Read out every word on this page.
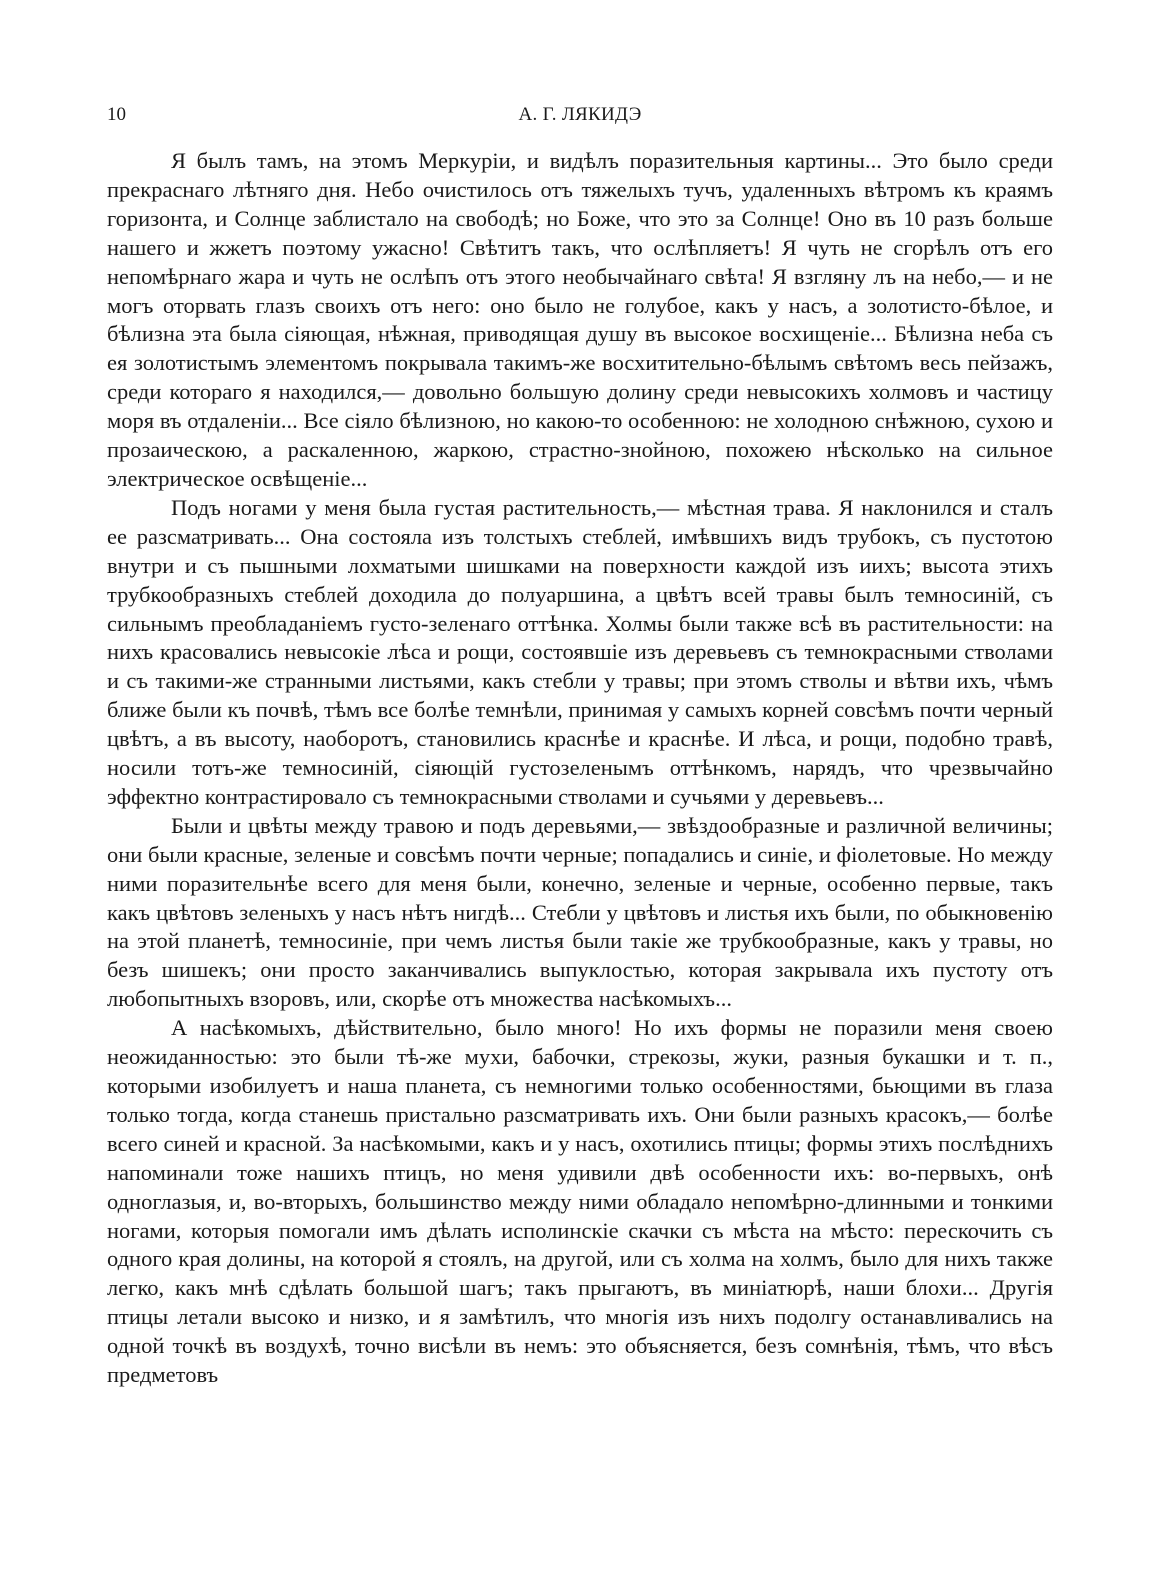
10	А. Г. ЛЯКИДЭ

Я былъ тамъ, на этомъ Меркуріи, и видѣлъ поразительныя картины... Это было среди прекраснаго лѣтняго дня. Небо очистилось отъ тяжелыхъ тучъ, удаленныхъ вѣтромъ къ краямъ горизонта, и Солнце заблистало на свободѣ; но Боже, что это за Солнце! Оно въ 10 разъ больше нашего и жжетъ поэтому ужасно! Свѣтитъ такъ, что ослѣпляетъ! Я чуть не сгорѣлъ отъ его непомѣрнаго жара и чуть не ослѣпъ отъ этого необычайнаго свѣта! Я взгляну лъ на небо,— и не могъ оторвать глазъ своихъ отъ него: оно было не голубое, какъ у насъ, а золотисто-бѣлое, и бѣлизна эта была сіяющая, нѣжная, приводящая душу въ высокое восхищеніе... Бѣлизна неба съ ея золотистымъ элементомъ покрывала такимъ-же восхитительно-бѣлымъ свѣтомъ весь пейзажъ, среди котораго я находился,— довольно большую долину среди невысокихъ холмовъ и частицу моря въ отдаленіи... Все сіяло бѣлизною, но какою-то особенною: не холодною снѣжною, сухою и прозаическою, а раскаленною, жаркою, страстно-знойною, похожею нѣсколько на сильное электрическое освѣщеніе...

Подъ ногами у меня была густая растительность,— мѣстная трава. Я наклонился и сталъ ее разсматривать... Она состояла изъ толстыхъ стеблей, имѣвшихъ видъ трубокъ, съ пустотою внутри и съ пышными лохматыми шишками на поверхности каждой изъ иихъ; высота этихъ трубкообразныхъ стеблей доходила до полуаршина, а цвѣтъ всей травы былъ темносиній, съ сильнымъ преобладаніемъ густо-зеленаго оттѣнка. Холмы были также всѣ въ растительности: на нихъ красовались невысокіе лѣса и рощи, состоявшіе изъ деревьевъ съ темнокрасными стволами и съ такими-же странными листьями, какъ стебли у травы; при этомъ стволы и вѣтви ихъ, чѣмъ ближе были къ почвѣ, тѣмъ все болѣе темнѣли, принимая у самыхъ корней совсѣмъ почти черный цвѣтъ, а въ высоту, наоборотъ, становились краснѣе и краснѣе. И лѣса, и рощи, подобно травѣ, носили тотъ-же темносиній, сіяющій густозеленымъ оттѣнкомъ, нарядъ, что чрезвычайно эффектно контрастировало съ темнокрасными стволами и сучьями у деревьевъ...

Были и цвѣты между травою и подъ деревьями,— звѣздообразные и различной величины; они были красные, зеленые и совсѣмъ почти черные; попадались и синіе, и фіолетовые. Но между ними поразительнѣе всего для меня были, конечно, зеленые и черные, особенно первые, такъ какъ цвѣтовъ зеленыхъ у насъ нѣтъ нигдѣ... Стебли у цвѣтовъ и листья ихъ были, по обыкновенію на этой планетѣ, темносиніе, при чемъ листья были такіе же трубкообразные, какъ у травы, но безъ шишекъ; они просто заканчивались выпуклостью, которая закрывала ихъ пустоту отъ любопытныхъ взоровъ, или, скорѣе отъ множества насѣкомыхъ...

А насѣкомыхъ, дѣйствительно, было много! Но ихъ формы не поразили меня своею неожиданностью: это были тѣ-же мухи, бабочки, стрекозы, жуки, разныя букашки и т. п., которыми изобилуетъ и наша планета, съ немногими только особенностями, бьющими въ глаза только тогда, когда станешь пристально разсматривать ихъ. Они были разныхъ красокъ,— болѣе всего синей и красной. За насѣкомыми, какъ и у насъ, охотились птицы; формы этихъ послѣднихъ напоминали тоже нашихъ птицъ, но меня удивили двѣ особенности ихъ: во-первыхъ, онѣ одноглазыя, и, во-вторыхъ, большинство между ними обладало непомѣрно-длинными и тонкими ногами, которыя помогали имъ дѣлать исполинскіе скачки съ мѣста на мѣсто: перескочить съ одного края долины, на которой я стоялъ, на другой, или съ холма на холмъ, было для нихъ также легко, какъ мнѣ сдѣлать большой шагъ; такъ прыгаютъ, въ миніатюрѣ, наши блохи... Другія птицы летали высоко и низко, и я замѣтилъ, что многія изъ нихъ подолгу останавливались на одной точкѣ въ воздухѣ, точно висѣли въ немъ: это объясняется, безъ сомнѣнія, тѣмъ, что вѣсъ предметовъ
